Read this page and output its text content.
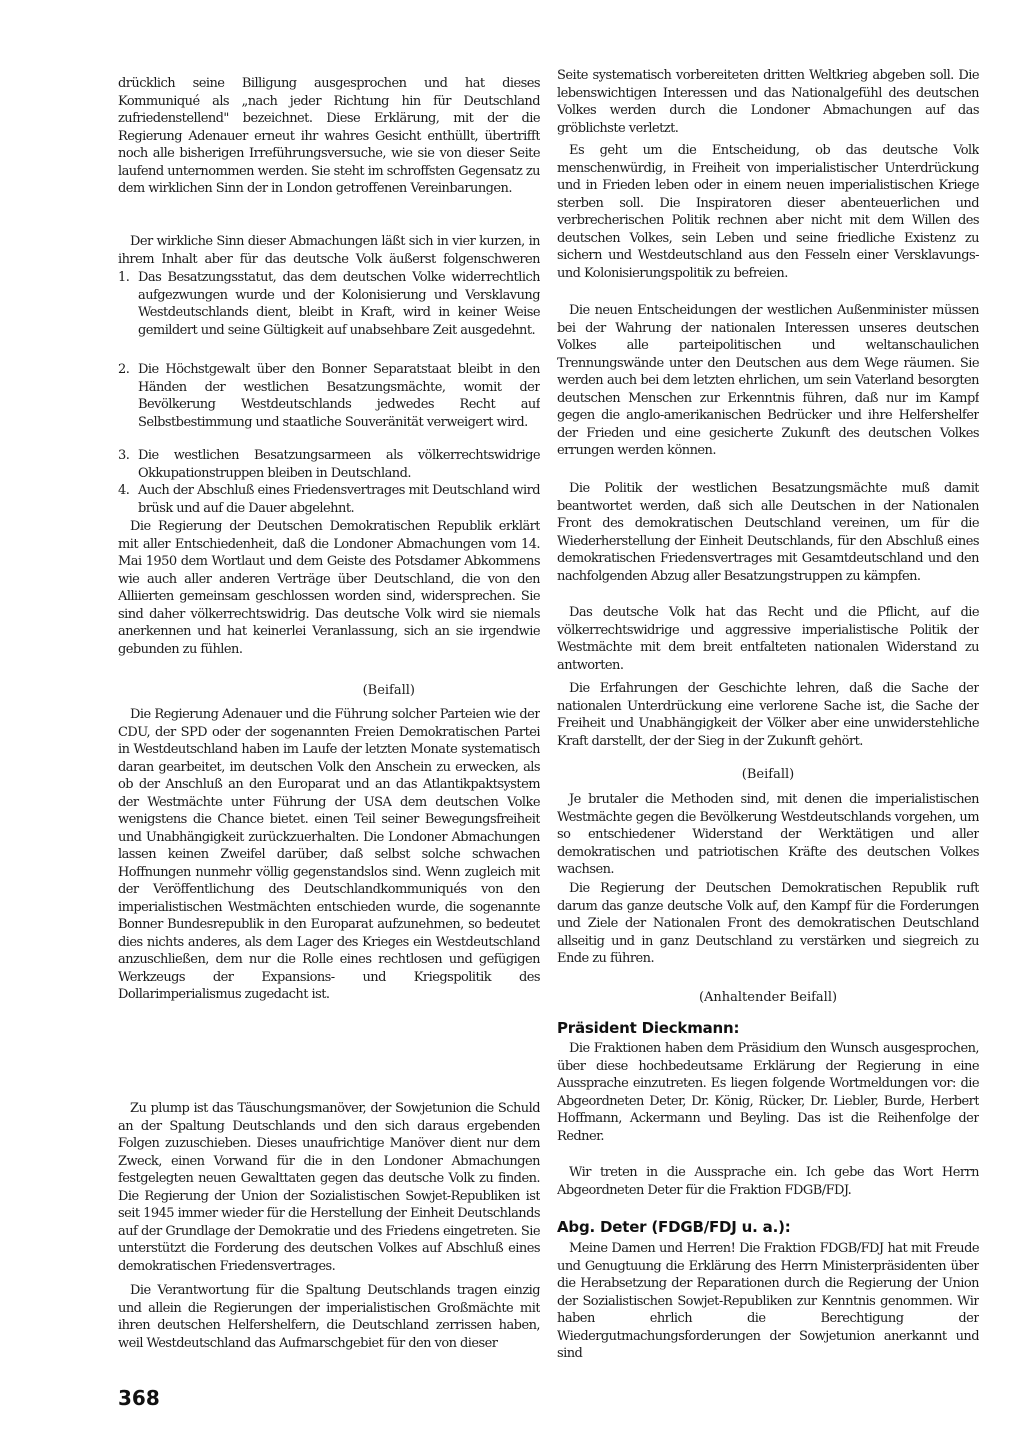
drücklich seine Billigung ausgesprochen und hat dieses Kommuniqué als „nach jeder Richtung hin für Deutschland zufriedenstellend" bezeichnet. Diese Erklärung, mit der die Regierung Adenauer erneut ihr wahres Gesicht enthüllt, übertrifft noch alle bisherigen Irreführungsversuche, wie sie von dieser Seite laufend unternommen werden. Sie steht im schroffsten Gegensatz zu dem wirklichen Sinn der in London getroffenen Vereinbarungen.

Der wirkliche Sinn dieser Abmachungen läßt sich in vier kurzen, in ihrem Inhalt aber für das deutsche Volk äußerst folgenschweren

1. Das Besatzungsstatut, das dem deutschen Volke widerrechtlich aufgezwungen wurde und der Kolonisierung und Versklavung Westdeutschlands dient, bleibt in Kraft, wird in keiner Weise gemildert und seine Gültigkeit auf unabsehbare Zeit ausgedehnt.
2. Die Höchstgewalt über den Bonner Separatstaat bleibt in den Händen der westlichen Besatzungsmächte, womit der Bevölkerung Westdeutschlands jedwedes Recht auf Selbstbestimmung und staatliche Souveränität verweigert wird.
3. Die westlichen Besatzungsarmeen als völkerrechtswidrige Okkupationstruppen bleiben in Deutschland.
4. Auch der Abschluß eines Friedensvertrages mit Deutschland wird brüsk und auf die Dauer abgelehnt.

Die Regierung der Deutschen Demokratischen Republik erklärt mit aller Entschiedenheit, daß die Londoner Abmachungen vom 14. Mai 1950 dem Wortlaut und dem Geiste des Potsdamer Abkommens wie auch aller anderen Verträge über Deutschland, die von den Alliierten gemeinsam geschlossen worden sind, widersprechen. Sie sind daher völkerrechtswidrig. Das deutsche Volk wird sie niemals anerkennen und hat keinerlei Veranlassung, sich an sie irgendwie gebunden zu fühlen.

(Beifall)

Die Regierung Adenauer und die Führung solcher Parteien wie der CDU, der SPD oder der sogenannten Freien Demokratischen Partei in Westdeutschland haben im Laufe der letzten Monate systematisch daran gearbeitet, im deutschen Volk den Anschein zu erwecken, als ob der Anschluß an den Europarat und an das Atlantikpaktsystem der Westmächte unter Führung der USA dem deutschen Volke wenigstens die Chance bietet. einen Teil seiner Bewegungsfreiheit und Unabhängigkeit zurückzuerhalten. Die Londoner Abmachungen lassen keinen Zweifel darüber, daß selbst solche schwachen Hoffnungen nunmehr völlig gegenstandslos sind. Wenn zugleich mit der Veröffentlichung des Deutschlandkommuniqués von den imperialistischen Westmächten entschieden wurde, die sogenannte Bonner Bundesrepublik in den Europarat aufzunehmen, so bedeutet dies nichts anderes, als dem Lager des Krieges ein Westdeutschland anzuschließen, dem nur die Rolle eines rechtlosen und gefügigen Werkzeugs der Expansions- und Kriegspolitik des Dollarimperialismus zugedacht ist.

Zu plump ist das Täuschungsmanöver, der Sowjetunion die Schuld an der Spaltung Deutschlands und den sich daraus ergebenden Folgen zuzuschieben. Dieses unaufrichtige Manöver dient nur dem Zweck, einen Vorwand für die in den Londoner Abmachungen festgelegten neuen Gewalttaten gegen das deutsche Volk zu finden. Die Regierung der Union der Sozialistischen Sowjet-Republiken ist seit 1945 immer wieder für die Herstellung der Einheit Deutschlands auf der Grundlage der Demokratie und des Friedens eingetreten. Sie unterstützt die Forderung des deutschen Volkes auf Abschluß eines demokratischen Friedensvertrages.

Die Verantwortung für die Spaltung Deutschlands tragen einzig und allein die Regierungen der imperialistischen Großmächte mit ihren deutschen Helfershelfern, die Deutschland zerrissen haben, weil Westdeutschland das Aufmarschgebiet für den von dieser

368

Seite systematisch vorbereiteten dritten Weltkrieg abgeben soll. Die lebenswichtigen Interessen und das Nationalgefühl des deutschen Volkes werden durch die Londoner Abmachungen auf das gröblichste verletzt.

Es geht um die Entscheidung, ob das deutsche Volk menschenwürdig, in Freiheit von imperialistischer Unterdrückung und in Frieden leben oder in einem neuen imperialistischen Kriege sterben soll. Die Inspiratoren dieser abenteuerlichen und verbrecherischen Politik rechnen aber nicht mit dem Willen des deutschen Volkes, sein Leben und seine friedliche Existenz zu sichern und Westdeutschland aus den Fesseln einer Versklavungs- und Kolonisierungspolitik zu befreien.

Die neuen Entscheidungen der westlichen Außenminister müssen bei der Wahrung der nationalen Interessen unseres deutschen Volkes alle parteipolitischen und weltanschaulichen Trennungswände unter den Deutschen aus dem Wege räumen. Sie werden auch bei dem letzten ehrlichen, um sein Vaterland besorgten deutschen Menschen zur Erkenntnis führen, daß nur im Kampf gegen die anglo-amerikanischen Bedrücker und ihre Helfershelfer der Frieden und eine gesicherte Zukunft des deutschen Volkes errungen werden können.

Die Politik der westlichen Besatzungsmächte muß damit beantwortet werden, daß sich alle Deutschen in der Nationalen Front des demokratischen Deutschland vereinen, um für die Wiederherstellung der Einheit Deutschlands, für den Abschluß eines demokratischen Friedensvertrages mit Gesamtdeutschland und den nachfolgenden Abzug aller Besatzungstruppen zu kämpfen.

Das deutsche Volk hat das Recht und die Pflicht, auf die völkerrechtswidrige und aggressive imperialistische Politik der Westmächte mit dem breit entfalteten nationalen Widerstand zu antworten.

Die Erfahrungen der Geschichte lehren, daß die Sache der nationalen Unterdrückung eine verlorene Sache ist, die Sache der Freiheit und Unabhängigkeit der Völker aber eine unwiderstehliche Kraft darstellt, der der Sieg in der Zukunft gehört.

(Beifall)

Je brutaler die Methoden sind, mit denen die imperialistischen Westmächte gegen die Bevölkerung Westdeutschlands vorgehen, um so entschiedener Widerstand der Werktätigen und aller demokratischen und patriotischen Kräfte des deutschen Volkes wachsen.

Die Regierung der Deutschen Demokratischen Republik ruft darum das ganze deutsche Volk auf, den Kampf für die Forderungen und Ziele der Nationalen Front des demokratischen Deutschland allseitig und in ganz Deutschland zu verstärken und siegreich zu Ende zu führen.

(Anhaltender Beifall)

Präsident Dieckmann:

Die Fraktionen haben dem Präsidium den Wunsch ausgesprochen, über diese hochbedeutsame Erklärung der Regierung in eine Aussprache einzutreten. Es liegen folgende Wortmeldungen vor: die Abgeordneten Deter, Dr. König, Rücker, Dr. Liebler, Burde, Herbert Hoffmann, Ackermann und Beyling. Das ist die Reihenfolge der Redner.

Wir treten in die Aussprache ein. Ich gebe das Wort Herrn Abgeordneten Deter für die Fraktion FDGB/FDJ.

Abg. Deter (FDGB/FDJ u. a.):

Meine Damen und Herren! Die Fraktion FDGB/FDJ hat mit Freude und Genugtuung die Erklärung des Herrn Ministerpräsidenten über die Herabsetzung der Reparationen durch die Regierung der Union der Sozialistischen Sowjet-Republiken zur Kenntnis genommen. Wir haben ehrlich die Berechtigung der Wiedergutmachungsforderungen der Sowjetunion anerkannt und sind
